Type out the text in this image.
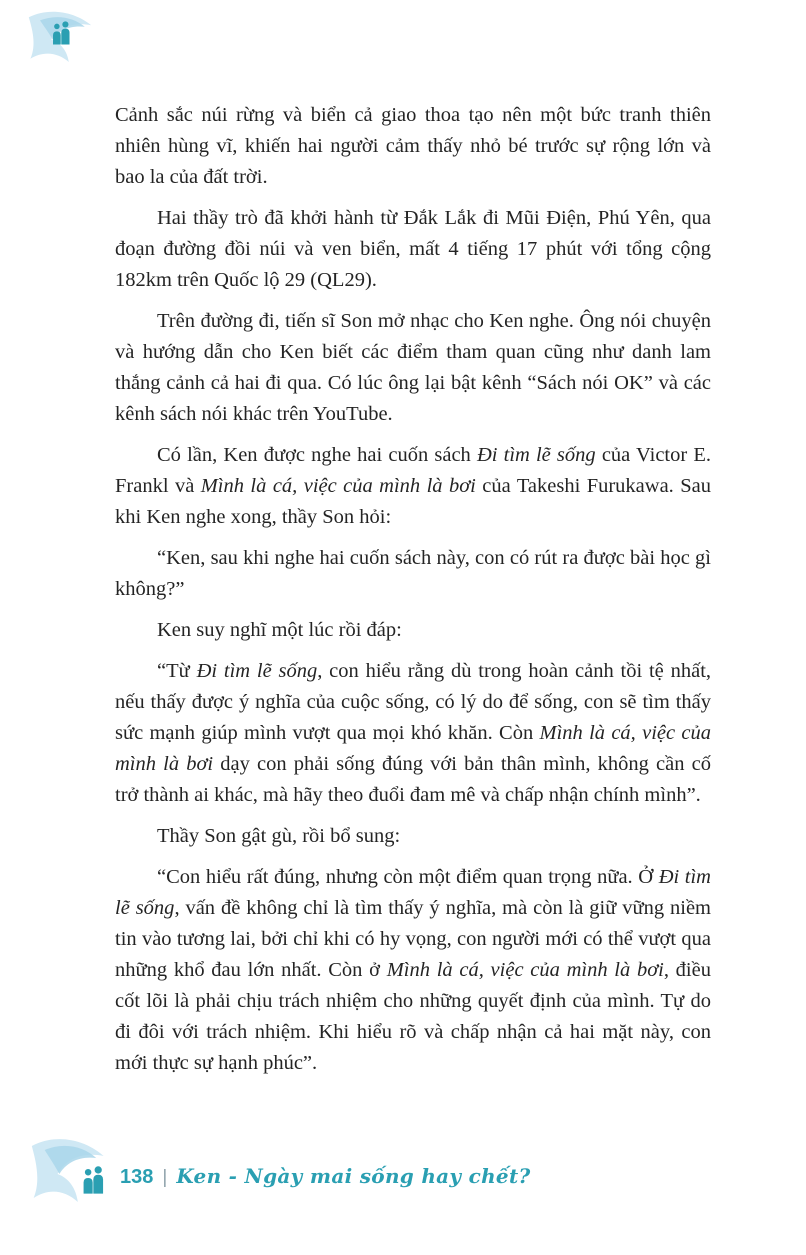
Cảnh sắc núi rừng và biển cả giao thoa tạo nên một bức tranh thiên nhiên hùng vĩ, khiến hai người cảm thấy nhỏ bé trước sự rộng lớn và bao la của đất trời.

Hai thầy trò đã khởi hành từ Đắk Lắk đi Mũi Điện, Phú Yên, qua đoạn đường đồi núi và ven biển, mất 4 tiếng 17 phút với tổng cộng 182km trên Quốc lộ 29 (QL29).

Trên đường đi, tiến sĩ Son mở nhạc cho Ken nghe. Ông nói chuyện và hướng dẫn cho Ken biết các điểm tham quan cũng như danh lam thắng cảnh cả hai đi qua. Có lúc ông lại bật kênh “Sách nói OK” và các kênh sách nói khác trên YouTube.

Có lần, Ken được nghe hai cuốn sách Đi tìm lẽ sống của Victor E. Frankl và Mình là cá, việc của mình là bơi của Takeshi Furukawa. Sau khi Ken nghe xong, thầy Son hỏi:

“Ken, sau khi nghe hai cuốn sách này, con có rút ra được bài học gì không?”

Ken suy nghĩ một lúc rồi đáp:

“Từ Đi tìm lẽ sống, con hiểu rằng dù trong hoàn cảnh tồi tệ nhất, nếu thấy được ý nghĩa của cuộc sống, có lý do để sống, con sẽ tìm thấy sức mạnh giúp mình vượt qua mọi khó khăn. Còn Mình là cá, việc của mình là bơi dạy con phải sống đúng với bản thân mình, không cần cố trở thành ai khác, mà hãy theo đuổi đam mê và chấp nhận chính mình”.

Thầy Son gật gù, rồi bổ sung:

“Con hiểu rất đúng, nhưng còn một điểm quan trọng nữa. Ở Đi tìm lẽ sống, vấn đề không chỉ là tìm thấy ý nghĩa, mà còn là giữ vững niềm tin vào tương lai, bởi chỉ khi có hy vọng, con người mới có thể vượt qua những khổ đau lớn nhất. Còn ở Mình là cá, việc của mình là bơi, điều cốt lõi là phải chịu trách nhiệm cho những quyết định của mình. Tự do đi đôi với trách nhiệm. Khi hiểu rõ và chấp nhận cả hai mặt này, con mới thực sự hạnh phúc”.

138 | Ken - Ngày mai sống hay chết?
